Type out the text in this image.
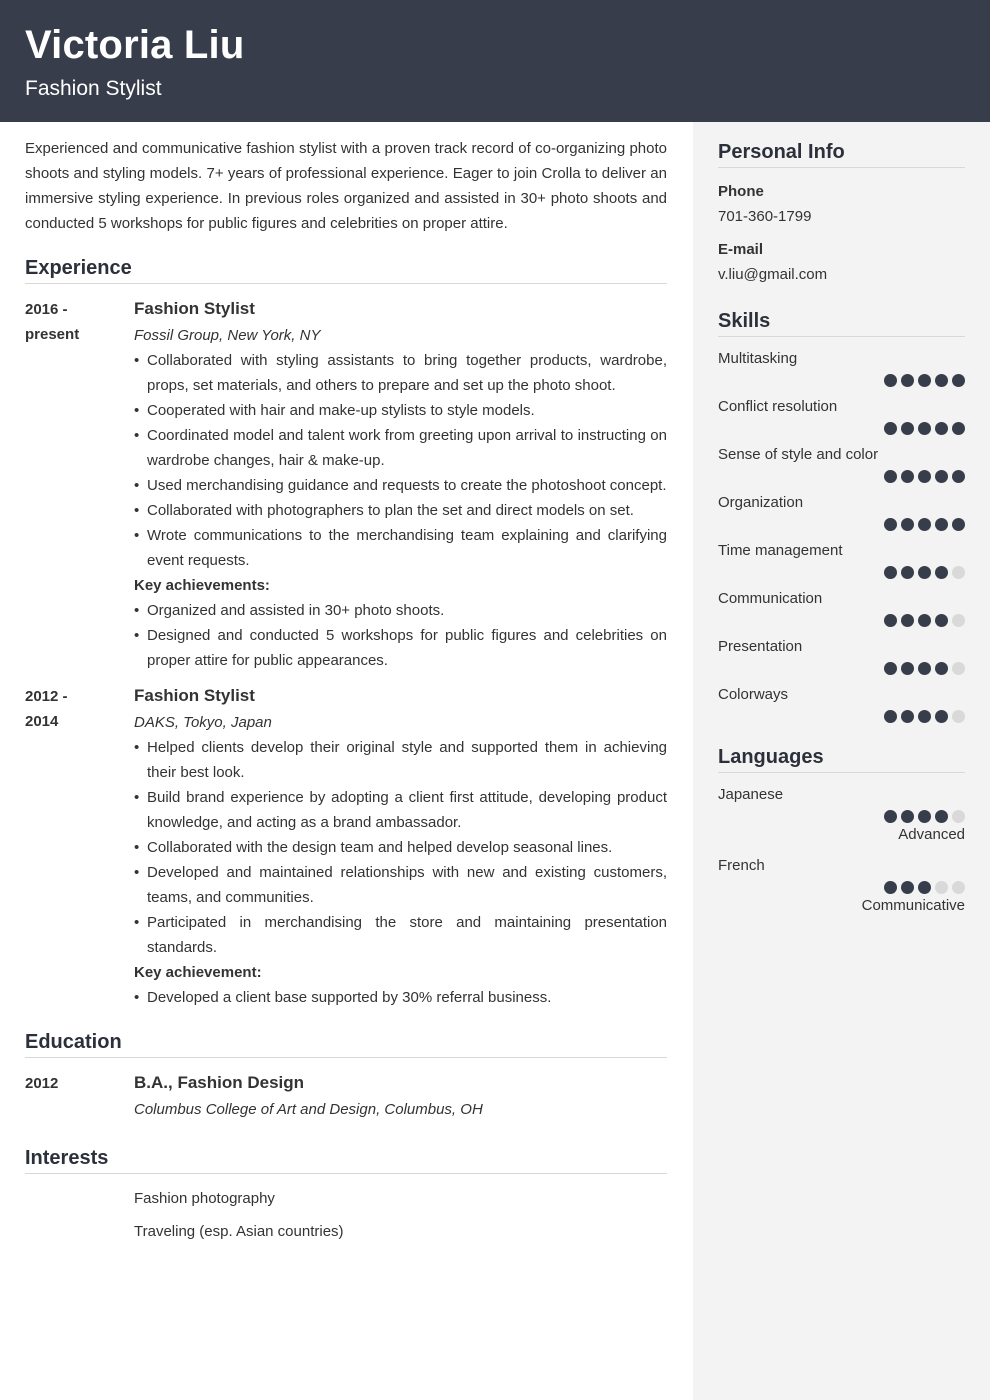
Victoria Liu
Fashion Stylist

Experienced and communicative fashion stylist with a proven track record of co-organizing photo shoots and styling models. 7+ years of professional experience. Eager to join Crolla to deliver an immersive styling experience. In previous roles organized and assisted in 30+ photo shoots and conducted 5 workshops for public figures and celebrities on proper attire.

Experience
2016 -
present
Fashion Stylist
Fossil Group, New York, NY
• Collaborated with styling assistants to bring together products, wardrobe, props, set materials, and others to prepare and set up the photo shoot.
• Cooperated with hair and make-up stylists to style models.
• Coordinated model and talent work from greeting upon arrival to instructing on wardrobe changes, hair & make-up.
• Used merchandising guidance and requests to create the photoshoot concept.
• Collaborated with photographers to plan the set and direct models on set.
• Wrote communications to the merchandising team explaining and clarifying event requests.
Key achievements:
• Organized and assisted in 30+ photo shoots.
• Designed and conducted 5 workshops for public figures and celebrities on proper attire for public appearances.
2012 -
2014
Fashion Stylist
DAKS, Tokyo, Japan
• Helped clients develop their original style and supported them in achieving their best look.
• Build brand experience by adopting a client first attitude, developing product knowledge, and acting as a brand ambassador.
• Collaborated with the design team and helped develop seasonal lines.
• Developed and maintained relationships with new and existing customers, teams, and communities.
• Participated in merchandising the store and maintaining presentation standards.
Key achievement:
• Developed a client base supported by 30% referral business.
Education
2012	B.A., Fashion Design
Columbus College of Art and Design, Columbus, OH
Interests
Fashion photography
Traveling (esp. Asian countries)
Personal Info
Phone
701-360-1799
E-mail
v.liu@gmail.com
Skills
Multitasking
Conflict resolution
Sense of style and color
Organization
Time management
Communication
Presentation
Colorways
Languages
Japanese
Advanced
French
Communicative
